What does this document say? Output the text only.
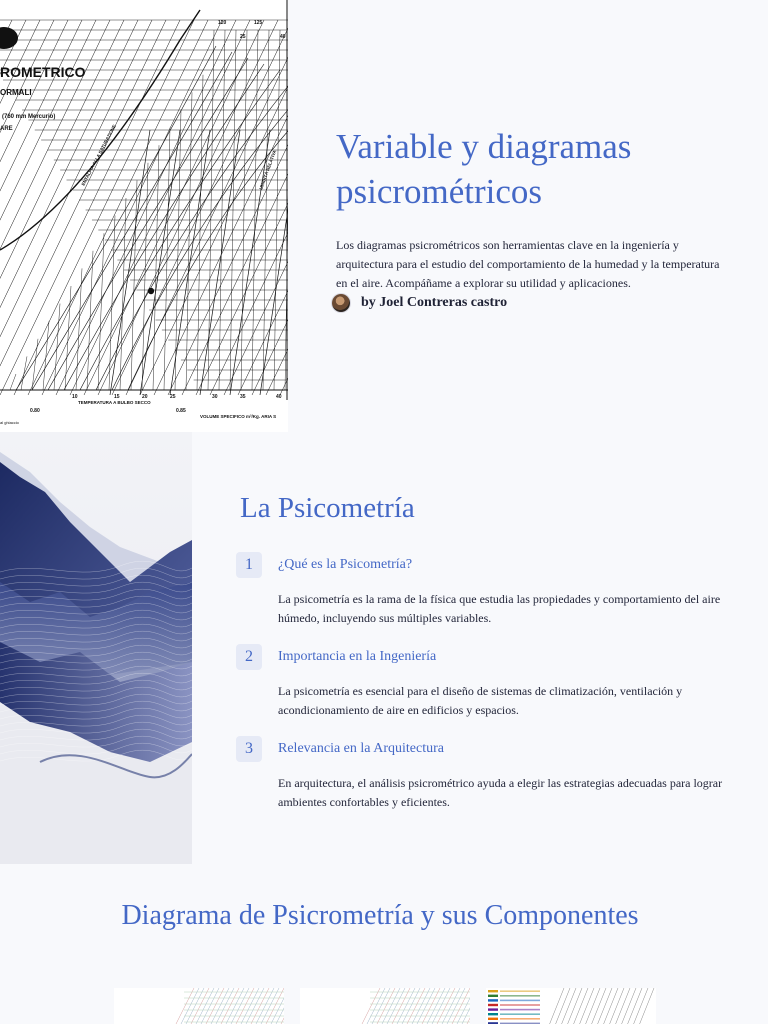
ROMETRICO
ORMALI
(760 mm Mercurio)
ARE
TEMPERATURA A BULBO SECCO
VOLUME SPECIFICO m³/Kg. ARIA S
al ghiaccio
ENTALPIA ALLA SATURAZIONE	UMIDITÀ RELATIVA
0.80
10	15	20	25
0.85
30	35	40
120	125
25	40
Variable y diagramas psicrométricos

Los diagramas psicrométricos son herramientas clave en la ingeniería y arquitectura para el estudio del comportamiento de la humedad y la temperatura en el aire. Acompáñame a explorar su utilidad y aplicaciones.

by Joel Contreras castro
La Psicometría
1	¿Qué es la Psicometría?

La psicometría es la rama de la física que estudia las propiedades y comportamiento del aire húmedo, incluyendo sus múltiples variables.

2	Importancia en la Ingeniería

La psicometría es esencial para el diseño de sistemas de climatización, ventilación y acondicionamiento de aire en edificios y espacios.

3	Relevancia en la Arquitectura

En arquitectura, el análisis psicrométrico ayuda a elegir las estrategias adecuadas para lograr ambientes confortables y eficientes.

Diagrama de Psicrometría y sus Componentes
